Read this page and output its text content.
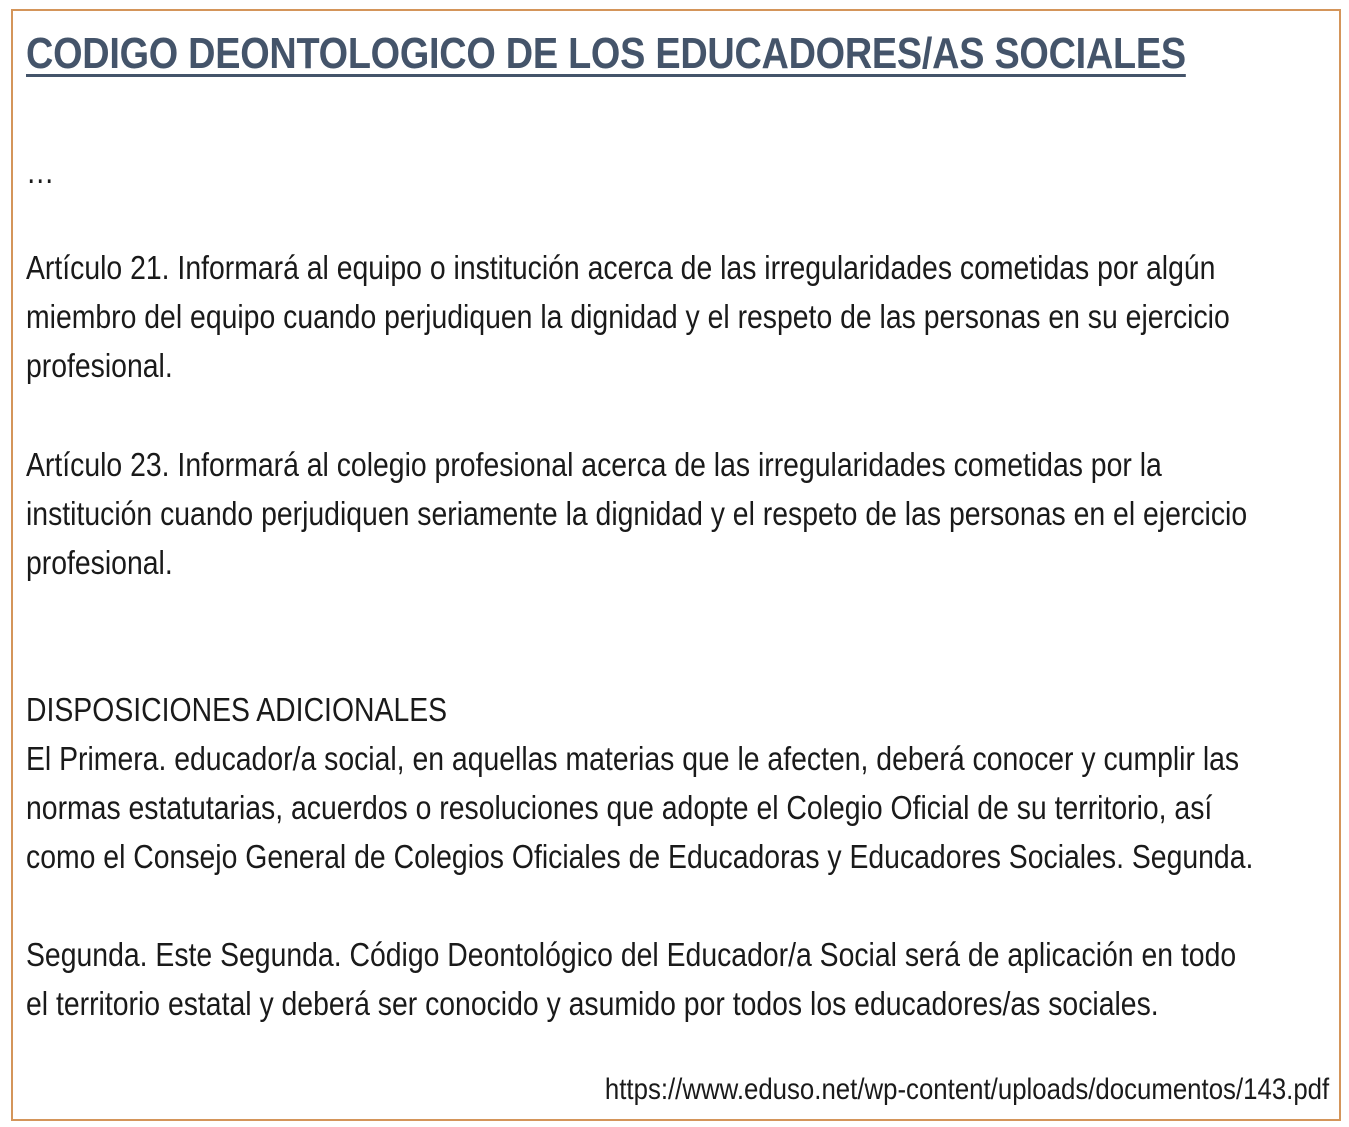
CODIGO DEONTOLOGICO DE LOS EDUCADORES/AS SOCIALES

…

Artículo 21. Informará al equipo o institución acerca de las irregularidades cometidas por algún
miembro del equipo cuando perjudiquen la dignidad y el respeto de las personas en su ejercicio
profesional.

Artículo 23. Informará al colegio profesional acerca de las irregularidades cometidas por la
institución cuando perjudiquen seriamente la dignidad y el respeto de las personas en el ejercicio
profesional.

DISPOSICIONES ADICIONALES

El Primera. educador/a social, en aquellas materias que le afecten, deberá conocer y cumplir las
normas estatutarias, acuerdos o resoluciones que adopte el Colegio Oficial de su territorio, así
como el Consejo General de Colegios Oficiales de Educadoras y Educadores Sociales. Segunda.

Segunda. Este Segunda. Código Deontológico del Educador/a Social será de aplicación en todo
el territorio estatal y deberá ser conocido y asumido por todos los educadores/as sociales.

https://www.eduso.net/wp-content/uploads/documentos/143.pdf
